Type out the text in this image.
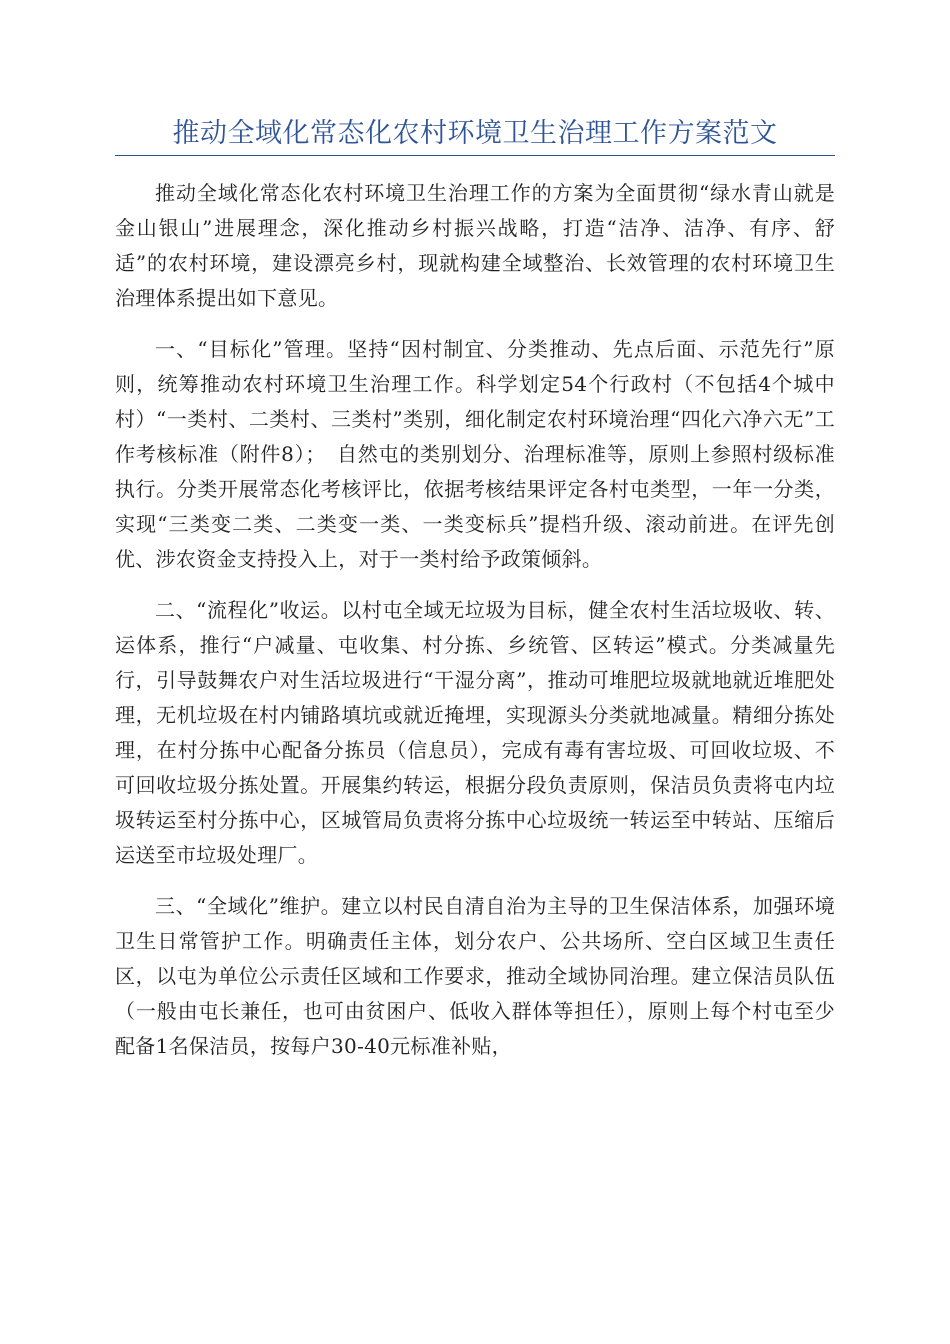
推动全域化常态化农村环境卫生治理工作方案范文

推动全域化常态化农村环境卫生治理工作的方案为全面贯彻“绿水青山就是金山银山”进展理念，深化推动乡村振兴战略，打造“洁净、洁净、有序、舒适”的农村环境，建设漂亮乡村，现就构建全域整治、长效管理的农村环境卫生治理体系提出如下意见。

一、“目标化”管理。坚持“因村制宜、分类推动、先点后面、示范先行”原则，统筹推动农村环境卫生治理工作。科学划定54个行政村（不包括4个城中村）“一类村、二类村、三类村”类别，细化制定农村环境治理“四化六净六无”工作考核标准（附件8）；　自然屯的类别划分、治理标准等，原则上参照村级标准执行。分类开展常态化考核评比，依据考核结果评定各村屯类型，一年一分类，实现“三类变二类、二类变一类、一类变标兵”提档升级、滚动前进。在评先创优、涉农资金支持投入上，对于一类村给予政策倾斜。

二、“流程化”收运。以村屯全域无垃圾为目标，健全农村生活垃圾收、转、运体系，推行“户减量、屯收集、村分拣、乡统管、区转运”模式。分类减量先行，引导鼓舞农户对生活垃圾进行“干湿分离”，推动可堆肥垃圾就地就近堆肥处理，无机垃圾在村内铺路填坑或就近掩埋，实现源头分类就地减量。精细分拣处理，在村分拣中心配备分拣员（信息员），完成有毒有害垃圾、可回收垃圾、不可回收垃圾分拣处置。开展集约转运，根据分段负责原则，保洁员负责将屯内垃圾转运至村分拣中心，区城管局负责将分拣中心垃圾统一转运至中转站、压缩后运送至市垃圾处理厂。

三、“全域化”维护。建立以村民自清自治为主导的卫生保洁体系，加强环境卫生日常管护工作。明确责任主体，划分农户、公共场所、空白区域卫生责任区，以屯为单位公示责任区域和工作要求，推动全域协同治理。建立保洁员队伍（一般由屯长兼任，也可由贫困户、低收入群体等担任），原则上每个村屯至少配备1名保洁员，按每户30-40元标准补贴，
